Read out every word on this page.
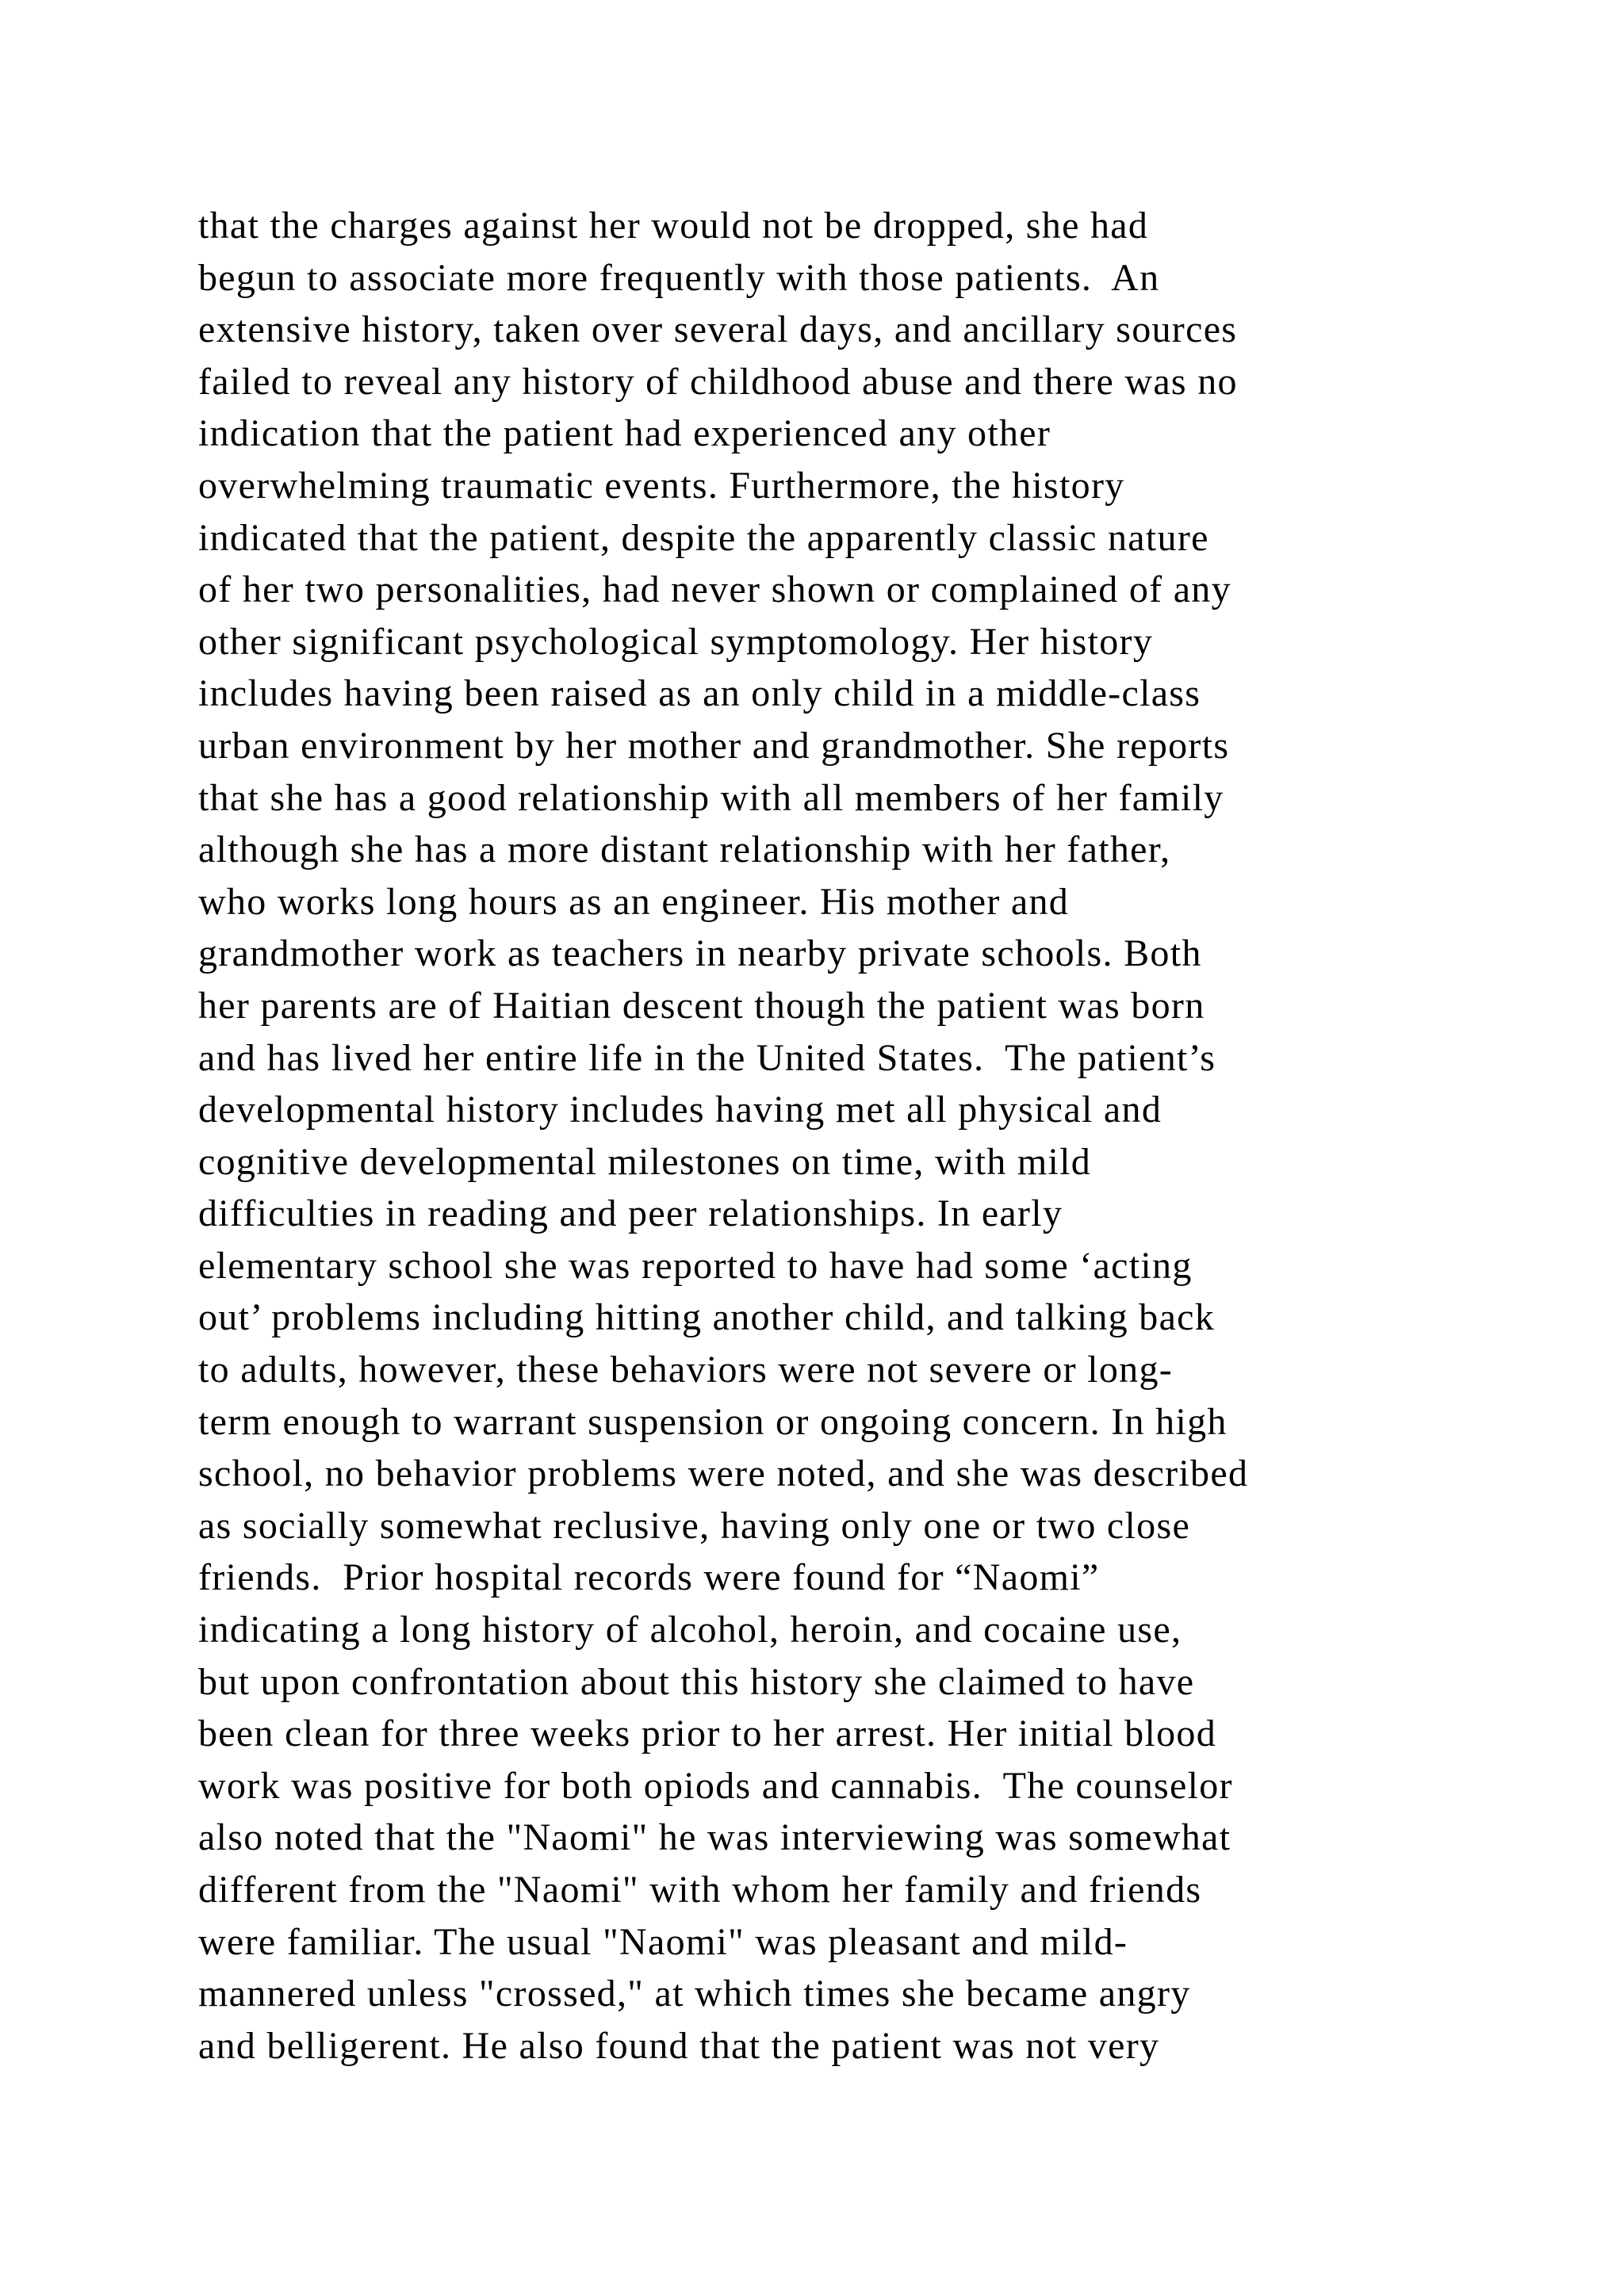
that the charges against her would not be dropped, she had
begun to associate more frequently with those patients.  An
extensive history, taken over several days, and ancillary sources
failed to reveal any history of childhood abuse and there was no
indication that the patient had experienced any other
overwhelming traumatic events. Furthermore, the history
indicated that the patient, despite the apparently classic nature
of her two personalities, had never shown or complained of any
other significant psychological symptomology. Her history
includes having been raised as an only child in a middle-class
urban environment by her mother and grandmother. She reports
that she has a good relationship with all members of her family
although she has a more distant relationship with her father,
who works long hours as an engineer. His mother and
grandmother work as teachers in nearby private schools. Both
her parents are of Haitian descent though the patient was born
and has lived her entire life in the United States.  The patient’s
developmental history includes having met all physical and
cognitive developmental milestones on time, with mild
difficulties in reading and peer relationships. In early
elementary school she was reported to have had some ‘acting
out’ problems including hitting another child, and talking back
to adults, however, these behaviors were not severe or long-
term enough to warrant suspension or ongoing concern. In high
school, no behavior problems were noted, and she was described
as socially somewhat reclusive, having only one or two close
friends.  Prior hospital records were found for “Naomi”
indicating a long history of alcohol, heroin, and cocaine use,
but upon confrontation about this history she claimed to have
been clean for three weeks prior to her arrest. Her initial blood
work was positive for both opiods and cannabis.  The counselor
also noted that the "Naomi" he was interviewing was somewhat
different from the "Naomi" with whom her family and friends
were familiar. The usual "Naomi" was pleasant and mild-
mannered unless "crossed," at which times she became angry
and belligerent. He also found that the patient was not very
